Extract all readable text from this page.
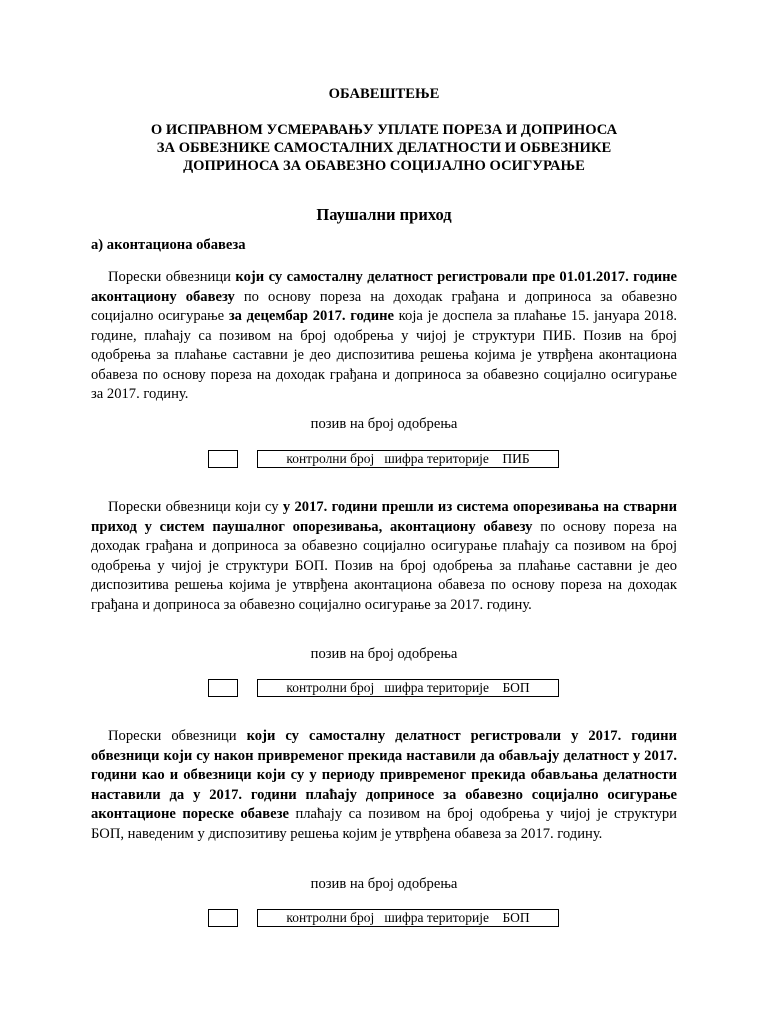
ОБАВЕШТЕЊЕ
О ИСПРАВНОМ УСМЕРАВАЊУ УПЛАТЕ ПОРЕЗА И ДОПРИНОСА
ЗА ОБВЕЗНИКЕ САМОСТАЛНИХ ДЕЛАТНОСТИ И ОБВЕЗНИКЕ
ДОПРИНОСА ЗА ОБАВЕЗНО СОЦИЈАЛНО ОСИГУРАЊЕ
Паушални приход
а) аконтациона обавеза

Порески обвезници који су самосталну делатност регистровали пре 01.01.2017. године аконтациону обавезу по основу пореза на доходак грађана и доприноса за обавезно социјално осигурање за децембар 2017. године која је доспела за плаћање 15. јануара 2018. године, плаћају са позивом на број одобрења у чијој је структури ПИБ. Позив на број одобрења за плаћање саставни је део диспозитива решења којима је утврђена аконтациона обавеза по основу пореза на доходак грађана и доприноса за обавезно социјално осигурање за 2017. годину.

позив на број одобрења
контролни број   шифра територије    ПИБ

Порески обвезници који су у 2017. години прешли из система опорезивања на стварни приход у систем паушалног опорезивања, аконтациону обавезу по основу пореза на доходак грађана и доприноса за обавезно социјално осигурање плаћају са позивом на број одобрења у чијој је структури БОП. Позив на број одобрења за плаћање саставни је део диспозитива решења којима је утврђена аконтациона обавеза по основу пореза на доходак грађана и доприноса за обавезно социјално осигурање за 2017. годину.

позив на број одобрења
контролни број   шифра територије    БОП

Порески обвезници који су самосталну делатност регистровали у 2017. години обвезници који су након привременог прекида наставили да обављају делатност у 2017. години као и обвезници који су у периоду привременог прекида обављања делатности наставили да у 2017. години плаћају доприносе за обавезно социјално осигурање аконтационе пореске обавезе плаћају са позивом на број одобрења у чијој је структури БОП, наведеним у диспозитиву решења којим је утврђена обавеза за 2017. годину.

позив на број одобрења
контролни број   шифра територије    БОП
